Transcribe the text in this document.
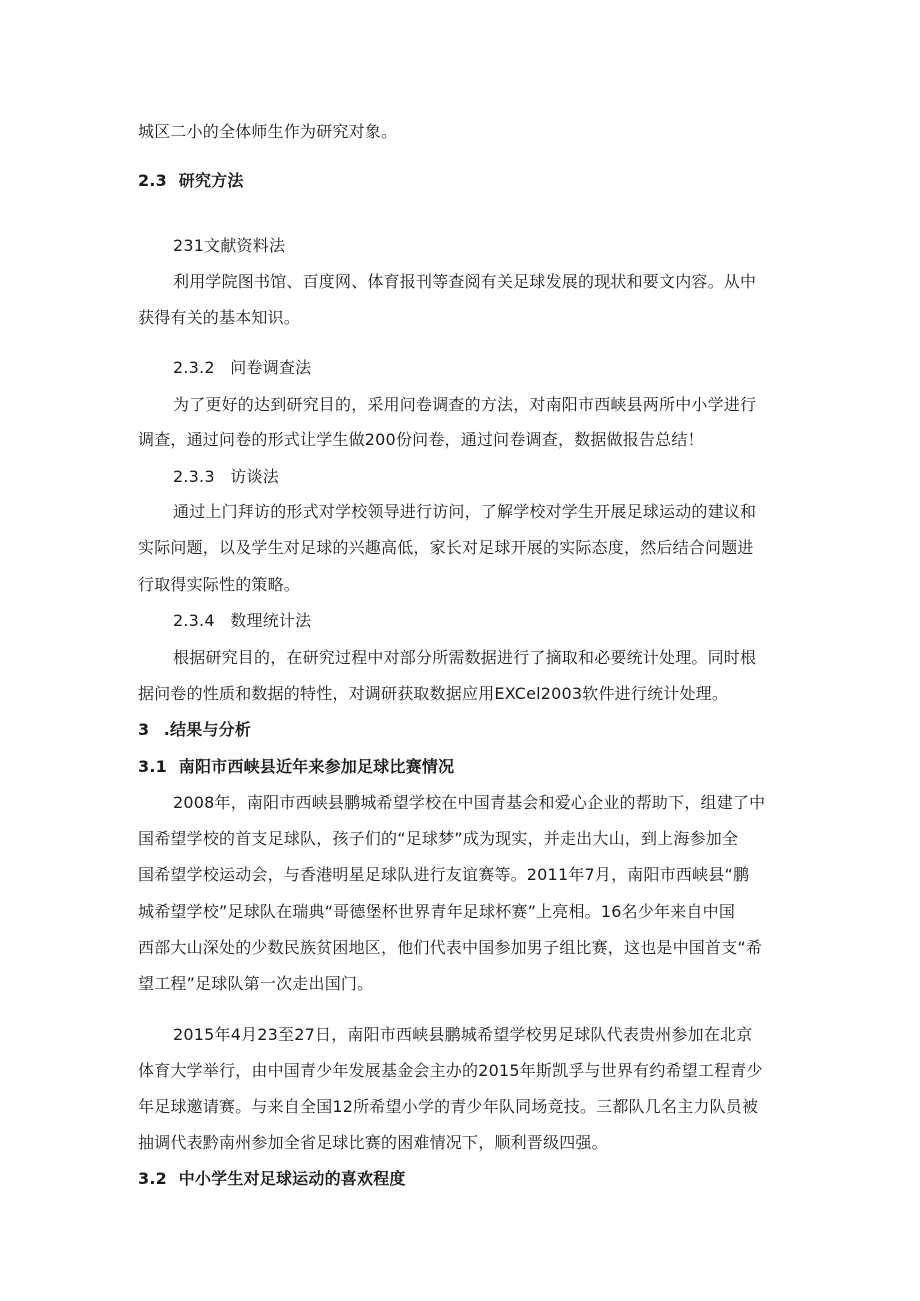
城区二小的全体师生作为研究对象。
2.3 研究方法
231文献资料法
利用学院图书馆、百度网、体育报刊等查阅有关足球发展的现状和要文内容。从中
获得有关的基本知识。
2.3.2 问卷调查法
为了更好的达到研究目的，采用问卷调查的方法，对南阳市西峡县两所中小学进行
调查，通过问卷的形式让学生做200份问卷，通过问卷调查，数据做报告总结！
2.3.3 访谈法
通过上门拜访的形式对学校领导进行访问，了解学校对学生开展足球运动的建议和
实际问题，以及学生对足球的兴趣高低，家长对足球开展的实际态度，然后结合问题进
行取得实际性的策略。
2.3.4 数理统计法
根据研究目的，在研究过程中对部分所需数据进行了摘取和必要统计处理。同时根
据问卷的性质和数据的特性，对调研获取数据应用EXCel2003软件进行统计处理。
3 .结果与分析
3.1 南阳市西峡县近年来参加足球比赛情况
2008年，南阳市西峡县鹏城希望学校在中国青基会和爱心企业的帮助下，组建了中
国希望学校的首支足球队，孩子们的“足球梦”成为现实，并走出大山，到上海参加全
国希望学校运动会，与香港明星足球队进行友谊赛等。2011年7月，南阳市西峡县“鹏
城希望学校”足球队在瑞典“哥德堡杯世界青年足球杯赛”上亮相。16名少年来自中国
西部大山深处的少数民族贫困地区，他们代表中国参加男子组比赛，这也是中国首支“希
望工程”足球队第一次走出国门。
2015年4月23至27日，南阳市西峡县鹏城希望学校男足球队代表贵州参加在北京
体育大学举行，由中国青少年发展基金会主办的2015年斯凯孚与世界有约希望工程青少
年足球邀请赛。与来自全国12所希望小学的青少年队同场竞技。三都队几名主力队员被
抽调代表黔南州参加全省足球比赛的困难情况下，顺利晋级四强。
3.2 中小学生对足球运动的喜欢程度
